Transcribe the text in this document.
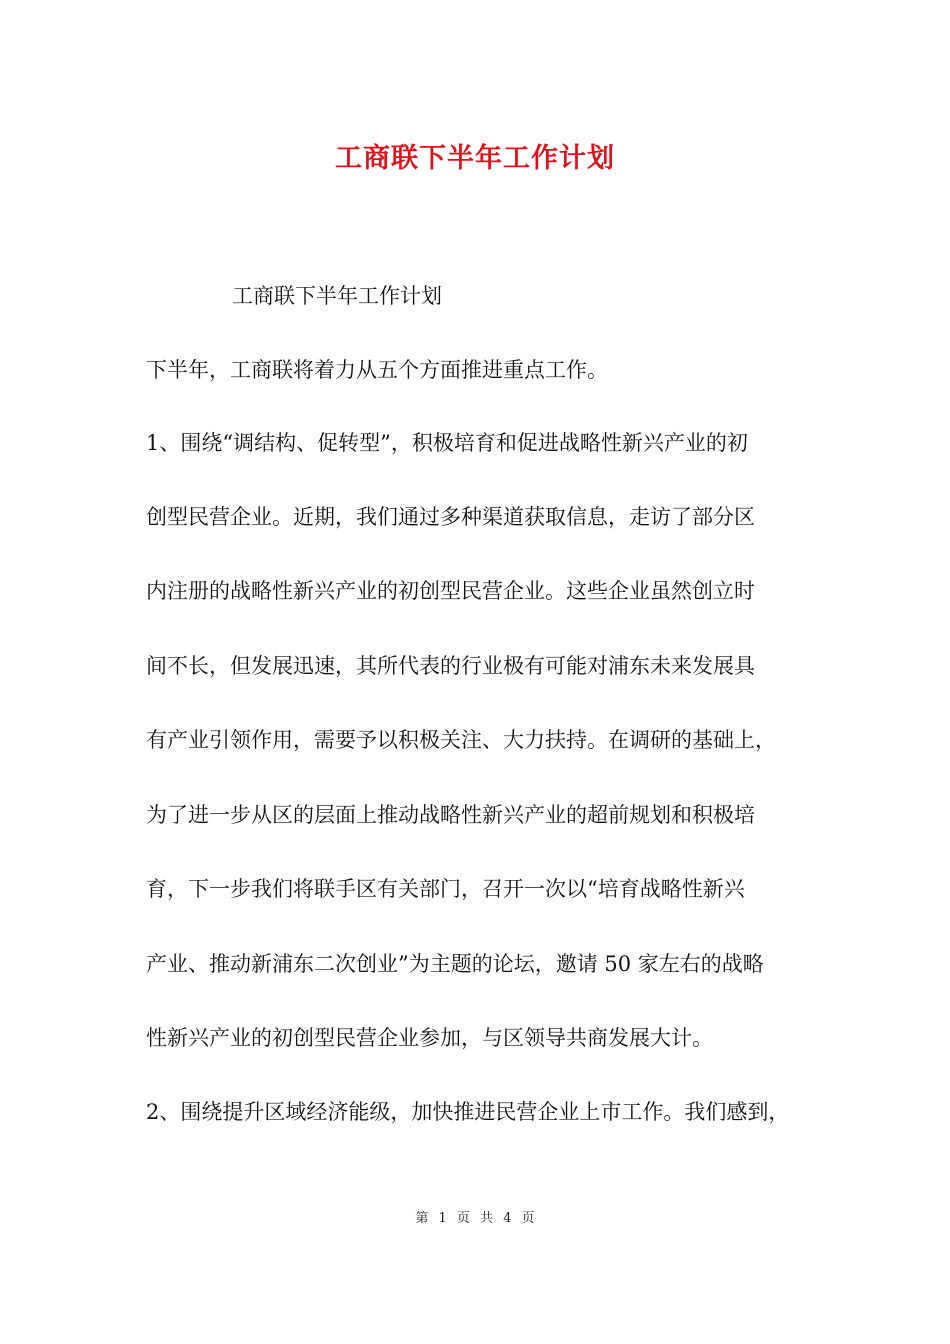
工商联下半年工作计划
工商联下半年工作计划
下半年，工商联将着力从五个方面推进重点工作。
1、围绕“调结构、促转型”，积极培育和促进战略性新兴产业的初
创型民营企业。近期，我们通过多种渠道获取信息，走访了部分区
内注册的战略性新兴产业的初创型民营企业。这些企业虽然创立时
间不长，但发展迅速，其所代表的行业极有可能对浦东未来发展具
有产业引领作用，需要予以积极关注、大力扶持。在调研的基础上，
为了进一步从区的层面上推动战略性新兴产业的超前规划和积极培
育，下一步我们将联手区有关部门，召开一次以“培育战略性新兴
产业、推动新浦东二次创业”为主题的论坛，邀请 50 家左右的战略
性新兴产业的初创型民营企业参加，与区领导共商发展大计。
2、围绕提升区域经济能级，加快推进民营企业上市工作。我们感到，
第 1 页 共 4 页
